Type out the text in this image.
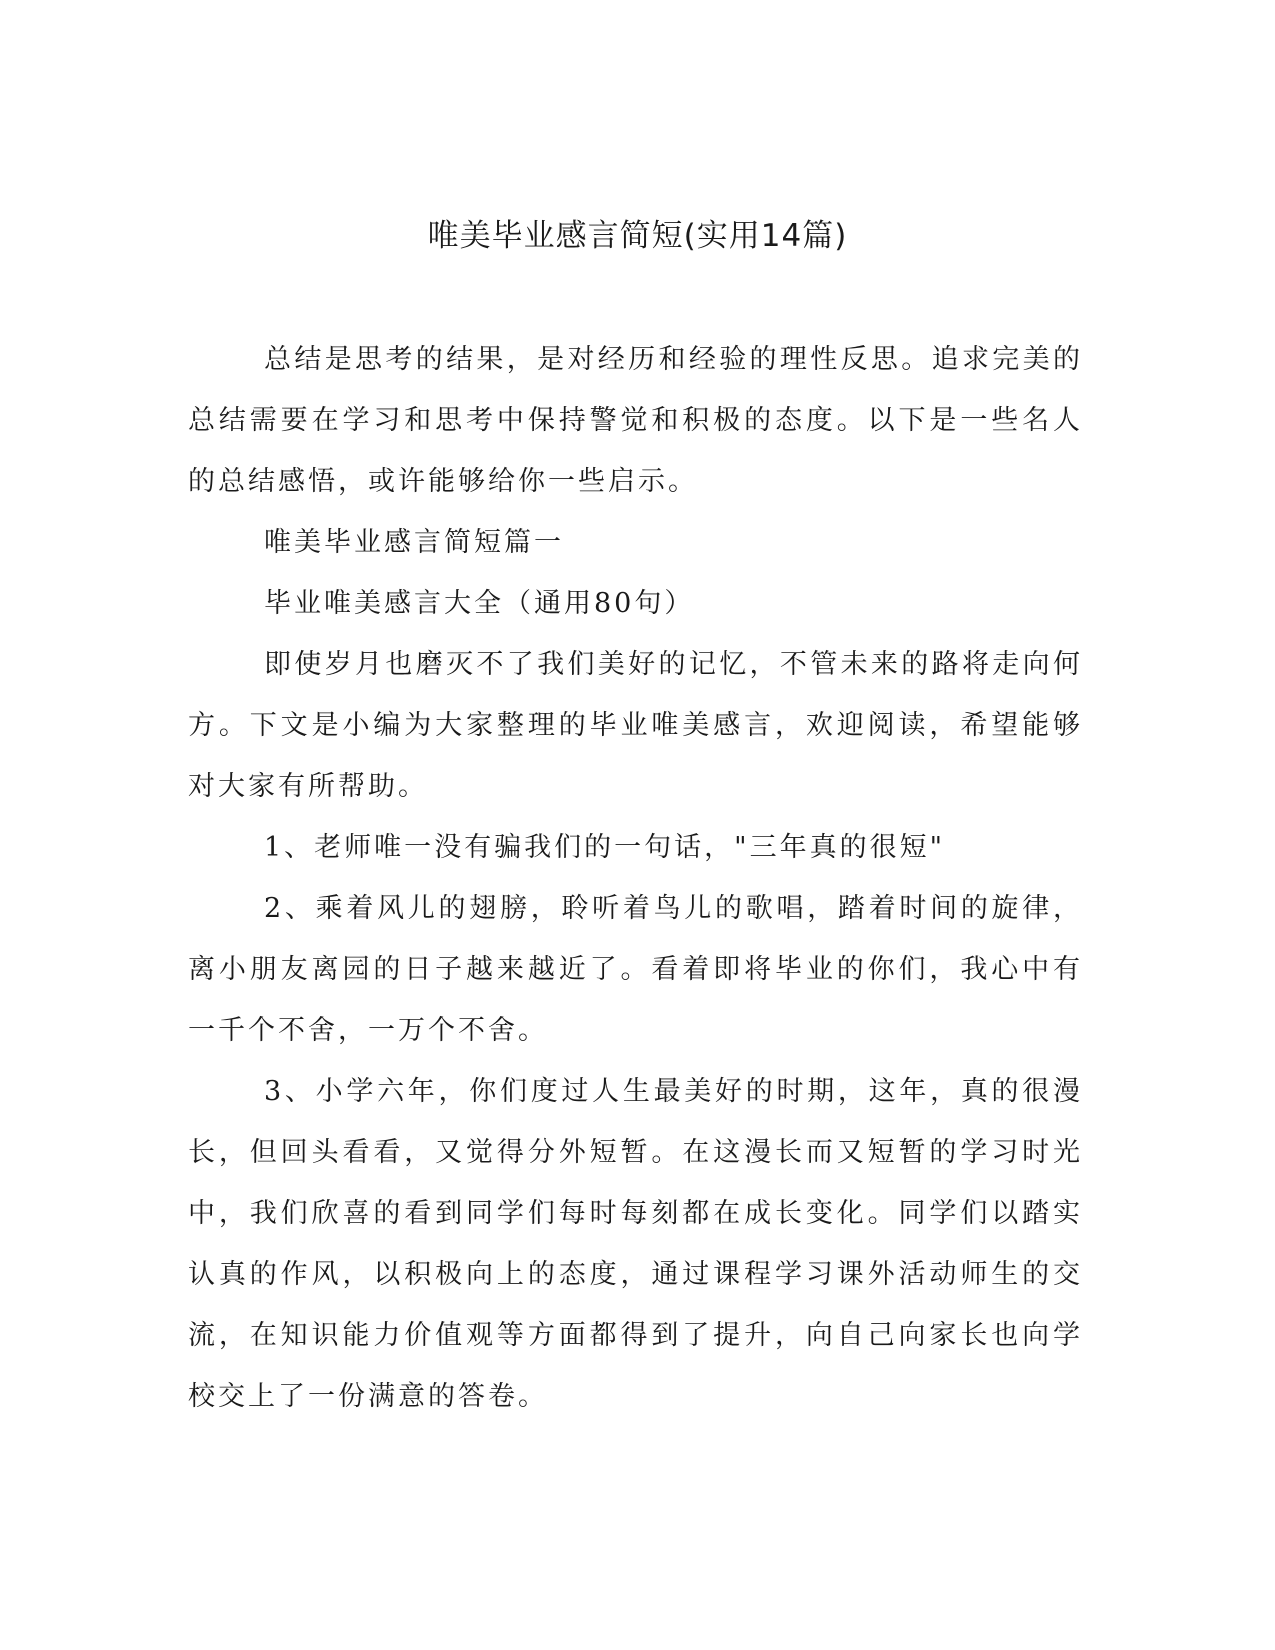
唯美毕业感言简短(实用14篇)

总结是思考的结果，是对经历和经验的理性反思。追求完美的总结需要在学习和思考中保持警觉和积极的态度。以下是一些名人的总结感悟，或许能够给你一些启示。

唯美毕业感言简短篇一

毕业唯美感言大全（通用80句）

即使岁月也磨灭不了我们美好的记忆，不管未来的路将走向何方。下文是小编为大家整理的毕业唯美感言，欢迎阅读，希望能够对大家有所帮助。

1、老师唯一没有骗我们的一句话，"三年真的很短"

2、乘着风儿的翅膀，聆听着鸟儿的歌唱，踏着时间的旋律，离小朋友离园的日子越来越近了。看着即将毕业的你们，我心中有一千个不舍，一万个不舍。

3、小学六年，你们度过人生最美好的时期，这年，真的很漫长，但回头看看，又觉得分外短暂。在这漫长而又短暂的学习时光中，我们欣喜的看到同学们每时每刻都在成长变化。同学们以踏实认真的作风，以积极向上的态度，通过课程学习课外活动师生的交流，在知识能力价值观等方面都得到了提升，向自己向家长也向学校交上了一份满意的答卷。
